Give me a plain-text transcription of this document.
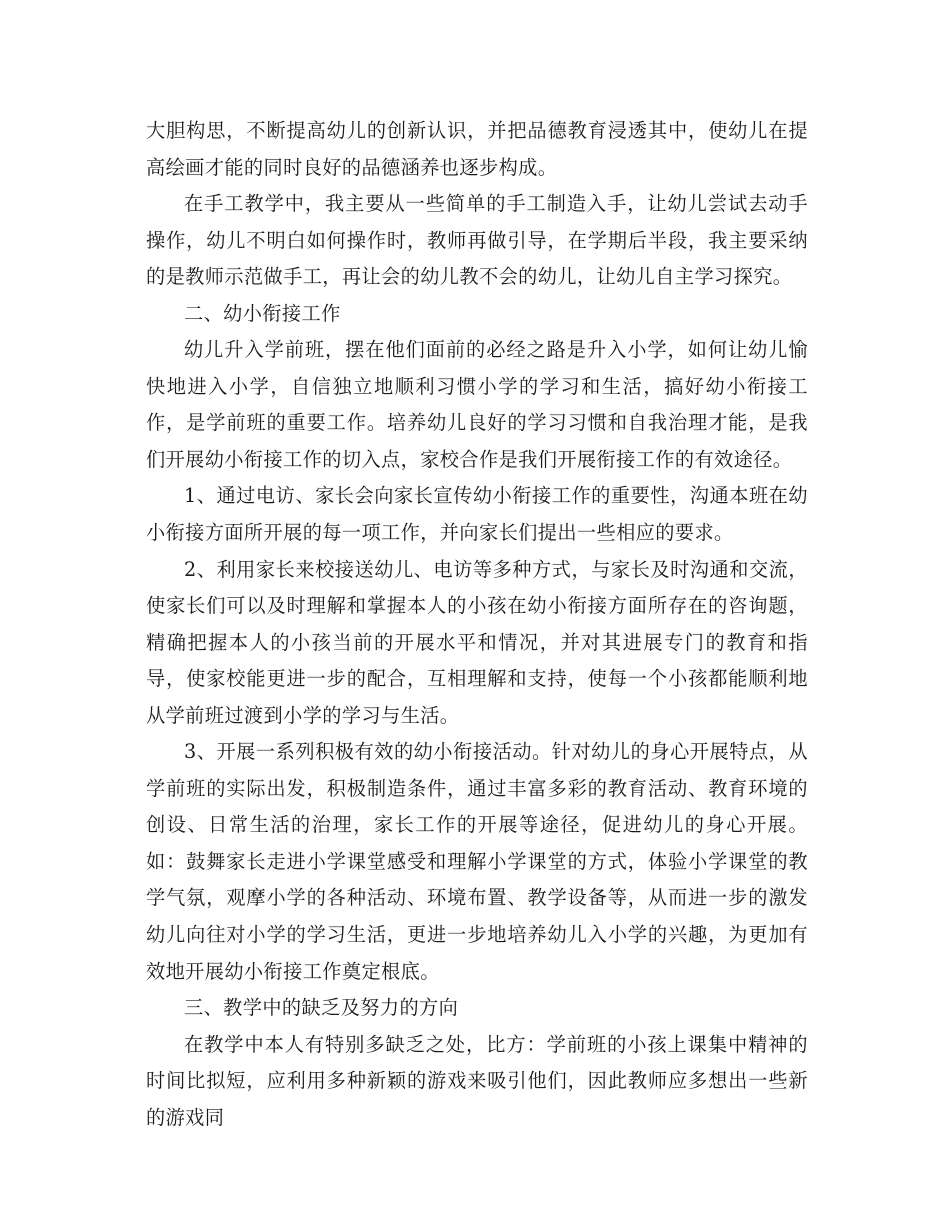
大胆构思，不断提高幼儿的创新认识，并把品德教育浸透其中，使幼儿在提高绘画才能的同时良好的品德涵养也逐步构成。

在手工教学中，我主要从一些简单的手工制造入手，让幼儿尝试去动手操作，幼儿不明白如何操作时，教师再做引导，在学期后半段，我主要采纳的是教师示范做手工，再让会的幼儿教不会的幼儿，让幼儿自主学习探究。

二、幼小衔接工作

幼儿升入学前班，摆在他们面前的必经之路是升入小学，如何让幼儿愉快地进入小学，自信独立地顺利习惯小学的学习和生活，搞好幼小衔接工作，是学前班的重要工作。培养幼儿良好的学习习惯和自我治理才能，是我们开展幼小衔接工作的切入点，家校合作是我们开展衔接工作的有效途径。

1、通过电访、家长会向家长宣传幼小衔接工作的重要性，沟通本班在幼小衔接方面所开展的每一项工作，并向家长们提出一些相应的要求。

2、利用家长来校接送幼儿、电访等多种方式，与家长及时沟通和交流，使家长们可以及时理解和掌握本人的小孩在幼小衔接方面所存在的咨询题，精确把握本人的小孩当前的开展水平和情况，并对其进展专门的教育和指导，使家校能更进一步的配合，互相理解和支持，使每一个小孩都能顺利地从学前班过渡到小学的学习与生活。

3、开展一系列积极有效的幼小衔接活动。针对幼儿的身心开展特点，从学前班的实际出发，积极制造条件，通过丰富多彩的教育活动、教育环境的创设、日常生活的治理，家长工作的开展等途径，促进幼儿的身心开展。如：鼓舞家长走进小学课堂感受和理解小学课堂的方式，体验小学课堂的教学气氛，观摩小学的各种活动、环境布置、教学设备等，从而进一步的激发幼儿向往对小学的学习生活，更进一步地培养幼儿入小学的兴趣，为更加有效地开展幼小衔接工作奠定根底。

三、教学中的缺乏及努力的方向

在教学中本人有特别多缺乏之处，比方：学前班的小孩上课集中精神的时间比拟短，应利用多种新颖的游戏来吸引他们，因此教师应多想出一些新的游戏同
